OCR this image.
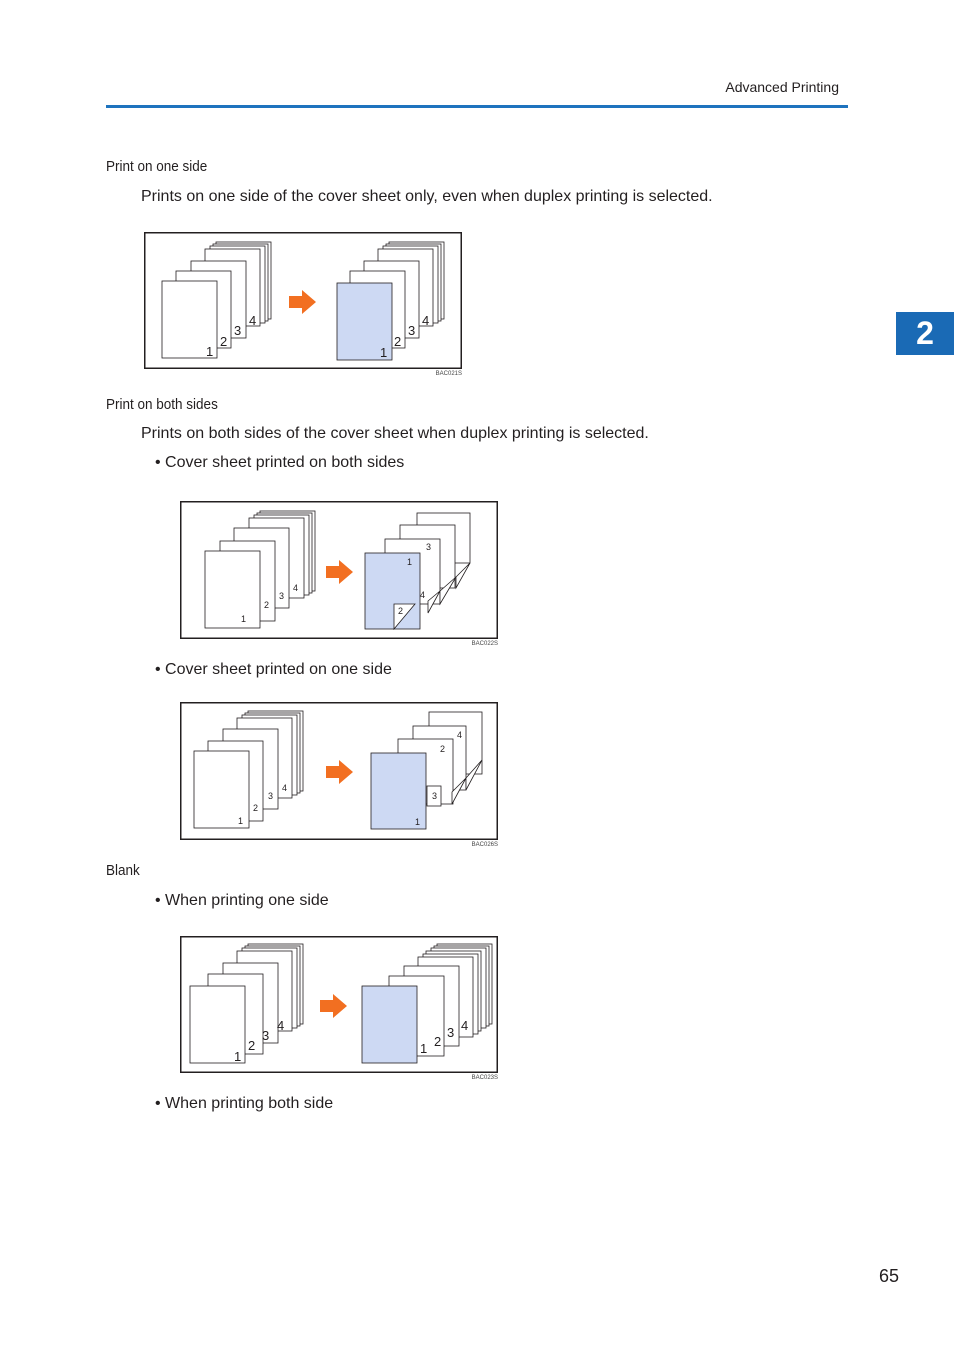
Advanced Printing
2
Print on one side
Prints on one side of the cover sheet only, even when duplex printing is selected.
1
2
3
4
1
2
3
4
BAC021S
Print on both sides
Prints on both sides of the cover sheet when duplex printing is selected.
• Cover sheet printed on both sides
1
2
3
4
3
1
4
2
BAC022S
• Cover sheet printed on one side
1
2
3
4
4
2
3
1
BAC026S
Blank
• When printing one side
1
2
3
4
1 2
3 4
BAC023S
• When printing both side
65
